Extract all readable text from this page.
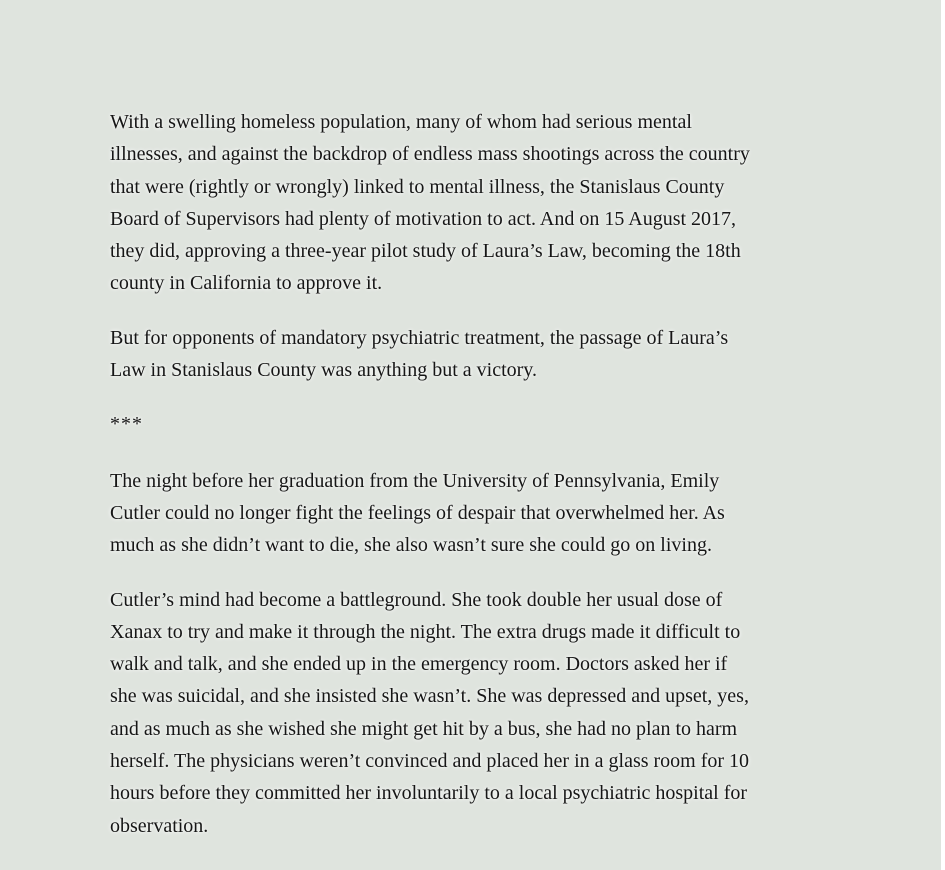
With a swelling homeless population, many of whom had serious mental
illnesses, and against the backdrop of endless mass shootings across the country
that were (rightly or wrongly) linked to mental illness, the Stanislaus County
Board of Supervisors had plenty of motivation to act. And on 15 August 2017,
they did, approving a three-year pilot study of Laura’s Law, becoming the 18th
county in California to approve it.

But for opponents of mandatory psychiatric treatment, the passage of Laura’s
Law in Stanislaus County was anything but a victory.

***

The night before her graduation from the University of Pennsylvania, Emily
Cutler could no longer fight the feelings of despair that overwhelmed her. As
much as she didn’t want to die, she also wasn’t sure she could go on living.

Cutler’s mind had become a battleground. She took double her usual dose of
Xanax to try and make it through the night. The extra drugs made it difficult to
walk and talk, and she ended up in the emergency room. Doctors asked her if
she was suicidal, and she insisted she wasn’t. She was depressed and upset, yes,
and as much as she wished she might get hit by a bus, she had no plan to harm
herself. The physicians weren’t convinced and placed her in a glass room for 10
hours before they committed her involuntarily to a local psychiatric hospital for
observation.
